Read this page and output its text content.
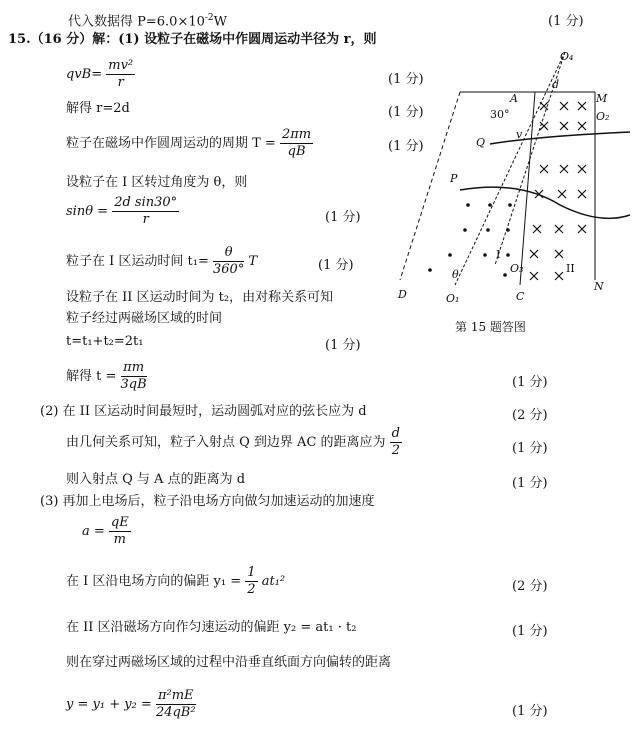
代入数据得 $P=6.0\times 10^{-2}W$	(1 分)
15.（16 分）解：(1) 设粒子在磁场中作圆周运动半径为 r，则
$qvB= \frac{\text{mv²}}{r}$	(1 分)
解得 r=2d	(1 分)
粒子在磁场中作圆周运动的周期 $T = \frac{2\pi m}{qB}$	(1 分)
设粒子在 I 区转过角度为 θ，则
$\sin\theta = \frac{\text{2d sin30°}}{r}$	(1 分)
粒子在 I 区运动时间 $t_1= \frac{\theta}{360^\circ}$ T	(1 分)
设粒子在 II 区运动时间为 t₂，由对称关系可知
粒子经过两磁场区域的时间
t=t₁+t₂=2t₁	(1 分)
解得 $t = \frac{\pi m}{3qB}$	(1 分)
(2) 在 II 区运动时间最短时，运动圆弧对应的弦长应为 d	(2 分)
由几何关系可知，粒子入射点 Q 到边界 AC 的距离应为 $\frac{d}{2}$	(1 分)
则入射点 Q 与 A 点的距离为 d	(1 分)
(3) 再加上电场后，粒子沿电场方向做匀加速运动的加速度
$a = \frac{qE}{m}$
在 I 区沿电场方向的偏距 $y_1 = \frac{1}{2} at_1^2$	(2 分)
在 II 区沿磁场方向作匀速运动的偏距 y₂ = at₁ · t₂	(1 分)
则在穿过两磁场区域的过程中沿垂直纸面方向偏转的距离
$y = y_1 + y_2 = \frac{\text{π²mE}}{\text{24qB²}}$	(1 分)
O₄
A
d
M
O₂
30°
Q
v
P
I
O₃	II
θ
D	O₁	C
N
第 15 题答图
